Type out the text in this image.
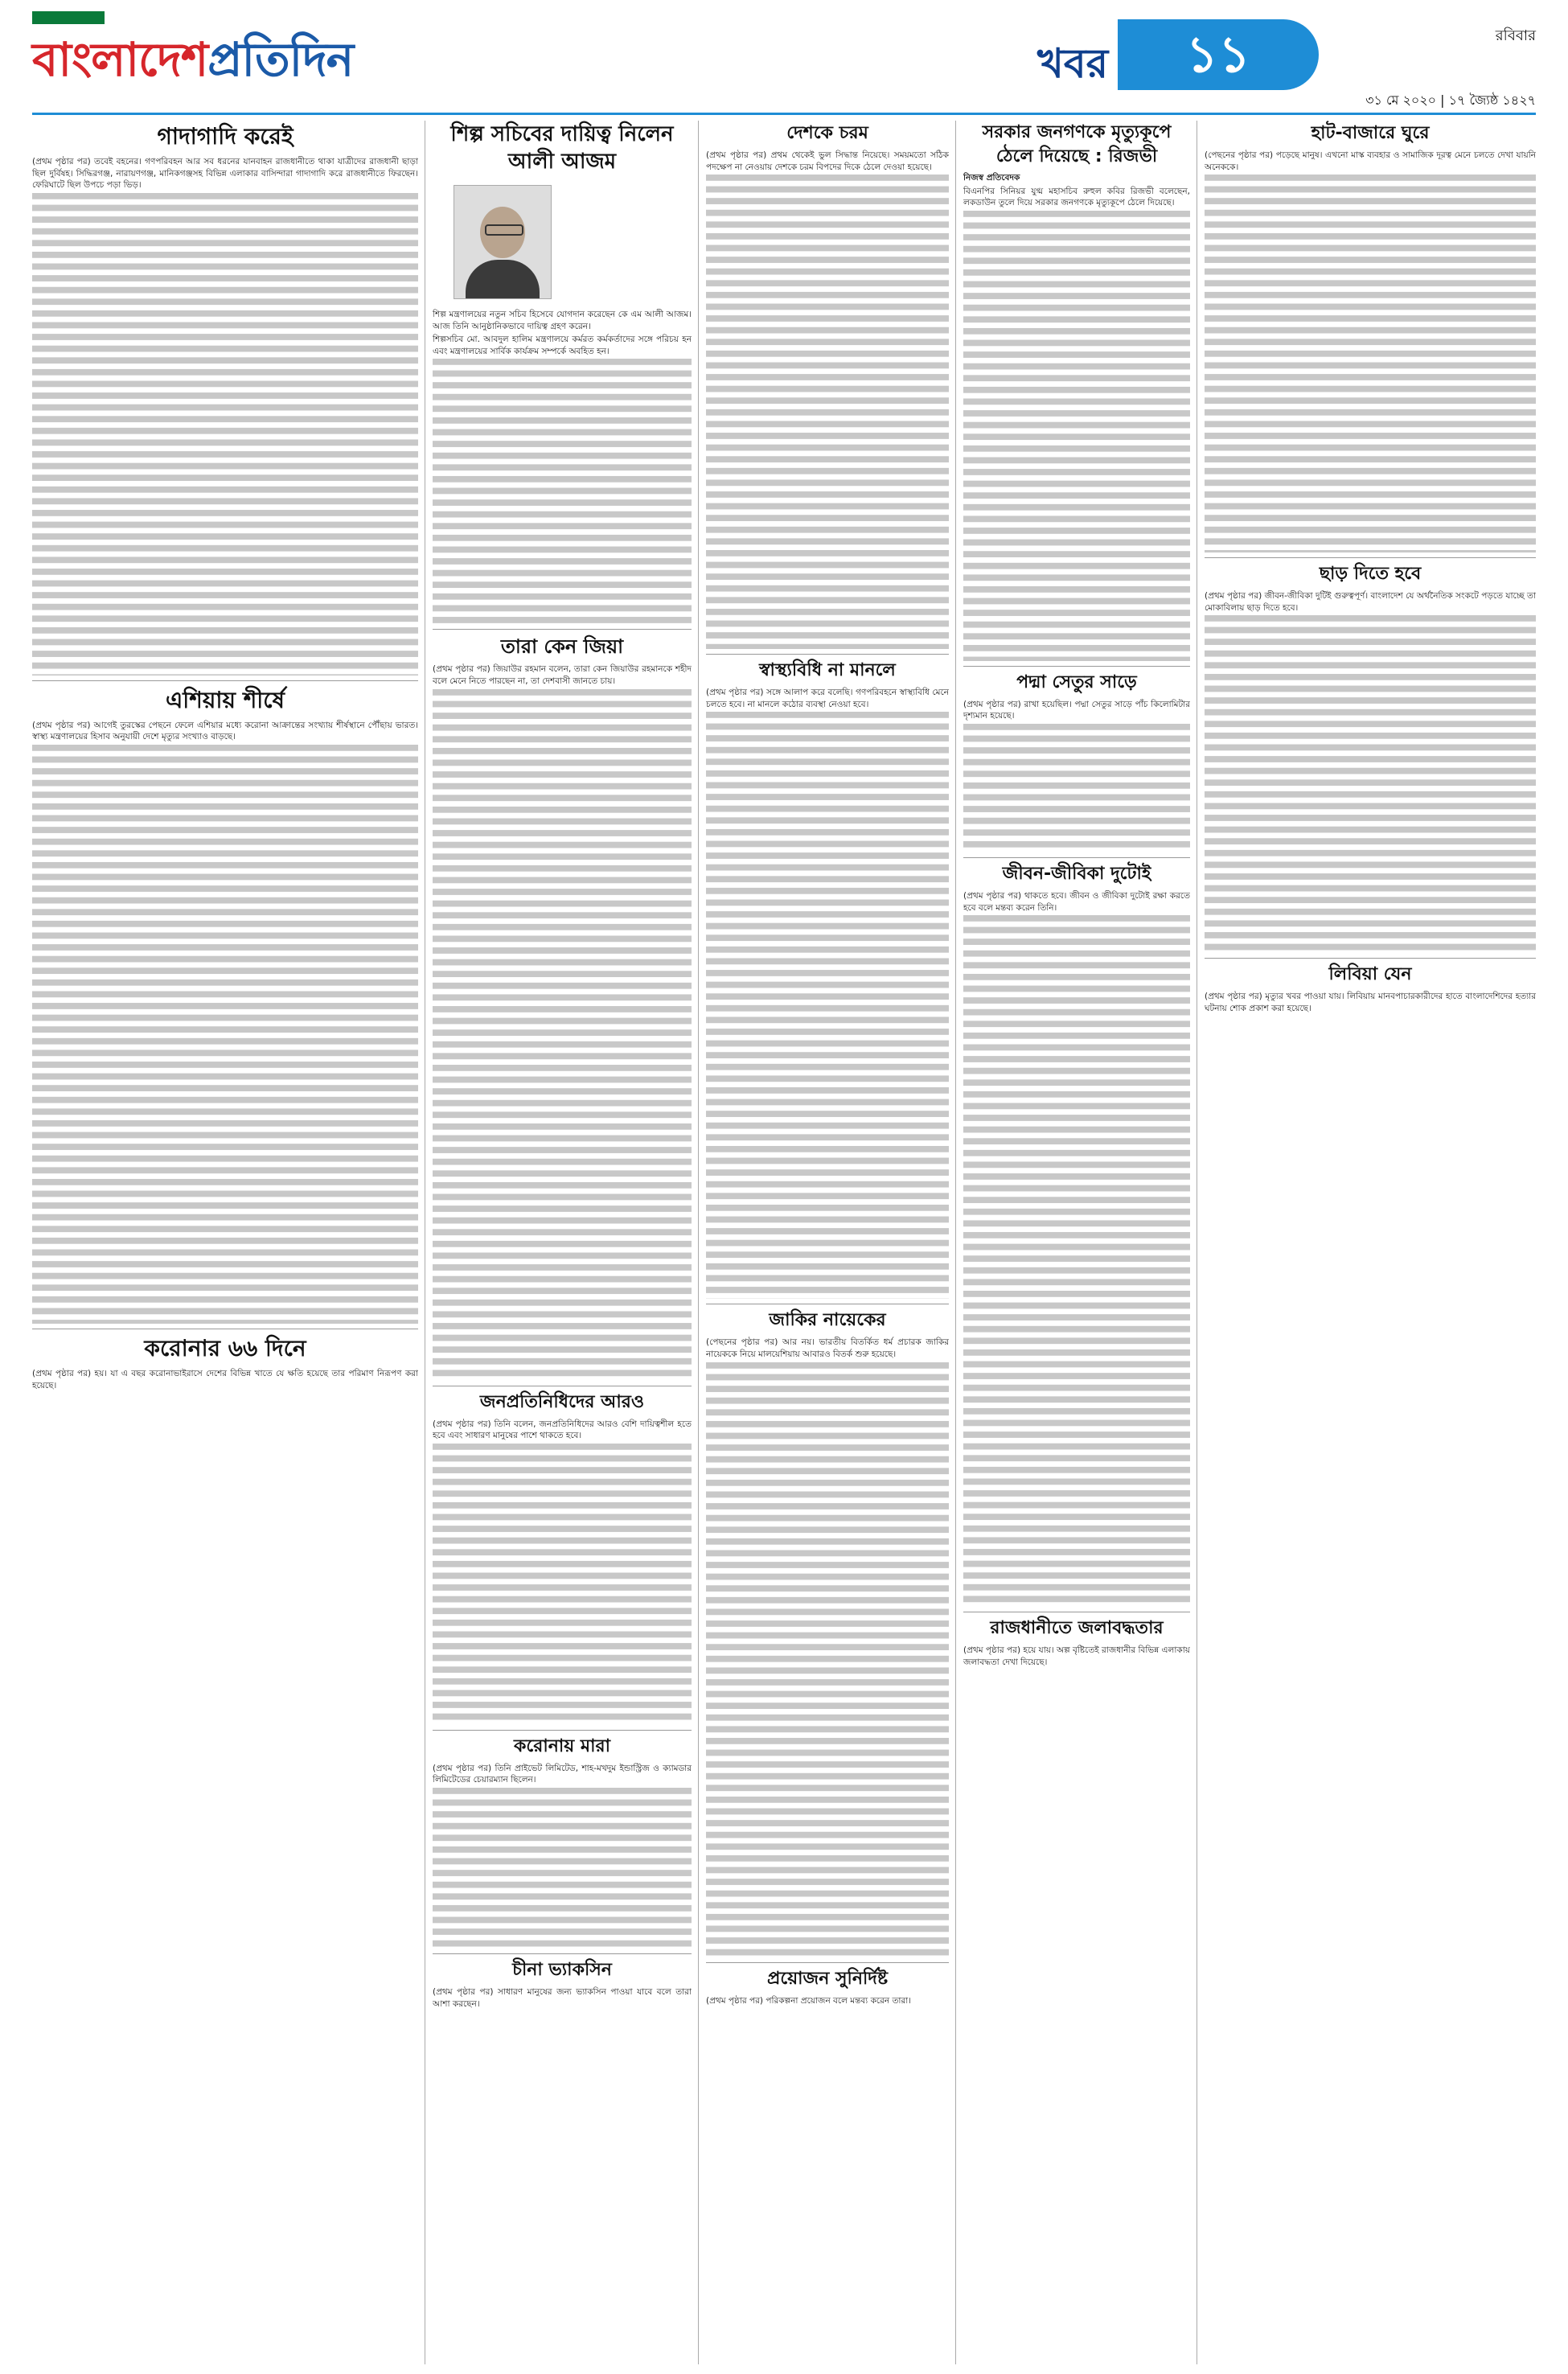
বাংলাদেশপ্রতিদিন	খবর	১১	রবিবার
৩১ মে ২০২০ | ১৭ জ্যৈষ্ঠ ১৪২৭
গাদাগাদি করেই

(প্রথম পৃষ্ঠার পর) তবেই বহনের। গণপরিবহন আর সব ধরনের যানবাহন রাজধানীতে থাকা যাত্রীদের রাজধানী ছাড়া ছিল দুর্বিষহ। সিদ্ধিরগঞ্জ, নারায়ণগঞ্জ, মানিকগঞ্জসহ বিভিন্ন এলাকার বাসিন্দারা গাদাগাদি করে রাজধানীতে ফিরছেন। ফেরিঘাটে ছিল উপচে পড়া ভিড়।

এশিয়ায় শীর্ষে

(প্রথম পৃষ্ঠার পর) আগেই তুরস্কের পেছনে ফেলে এশিয়ার মধ্যে করোনা আক্রান্তের সংখ্যায় শীর্ষস্থানে পৌঁছায় ভারত। স্বাস্থ্য মন্ত্রণালয়ের হিসাব অনুযায়ী দেশে মৃত্যুর সংখ্যাও বাড়ছে।

করোনার ৬৬ দিনে

(প্রথম পৃষ্ঠার পর) হয়। যা এ বছর করোনাভাইরাসে দেশের বিভিন্ন খাতে যে ক্ষতি হয়েছে তার পরিমাণ নিরূপণ করা হয়েছে।

শিল্প সচিবের দায়িত্ব নিলেন আলী আজম

শিল্প মন্ত্রণালয়ের নতুন সচিব হিসেবে যোগদান করেছেন কে এম আলী আজম। আজ তিনি আনুষ্ঠানিকভাবে দায়িত্ব গ্রহণ করেন।

শিল্পসচিব মো. আবদুল হালিম মন্ত্রণালয়ে কর্মরত কর্মকর্তাদের সঙ্গে পরিচয় হন এবং মন্ত্রণালয়ের সার্বিক কার্যক্রম সম্পর্কে অবহিত হন।

তারা কেন জিয়া

(প্রথম পৃষ্ঠার পর) জিয়াউর রহমান বলেন, তারা কেন জিয়াউর রহমানকে শহীদ বলে মেনে নিতে পারছেন না, তা দেশবাসী জানতে চায়।

জনপ্রতিনিধিদের আরও

(প্রথম পৃষ্ঠার পর) তিনি বলেন, জনপ্রতিনিধিদের আরও বেশি দায়িত্বশীল হতে হবে এবং সাধারণ মানুষের পাশে থাকতে হবে।

করোনায় মারা

(প্রথম পৃষ্ঠার পর) তিনি প্রাইভেট লিমিটেড, শাহ-মখদুম ইন্ডাস্ট্রিজ ও ক্যামডার লিমিটেডের চেয়ারম্যান ছিলেন।

চীনা ভ্যাকসিন

(প্রথম পৃষ্ঠার পর) সাধারণ মানুষের জন্য ভ্যাকসিন পাওয়া যাবে বলে তারা আশা করছেন।

দেশকে চরম

(প্রথম পৃষ্ঠার পর) প্রথম থেকেই ভুল সিদ্ধান্ত নিয়েছে। সময়মতো সঠিক পদক্ষেপ না নেওয়ায় দেশকে চরম বিপদের দিকে ঠেলে দেওয়া হয়েছে।

স্বাস্থ্যবিধি না মানলে

(প্রথম পৃষ্ঠার পর) সঙ্গে আলাপ করে বলেছি। গণপরিবহনে স্বাস্থ্যবিধি মেনে চলতে হবে। না মানলে কঠোর ব্যবস্থা নেওয়া হবে।

জাকির নায়েকের

(পেছনের পৃষ্ঠার পর) আর নয়। ভারতীয় বিতর্কিত ধর্ম প্রচারক জাকির নায়েককে নিয়ে মালয়েশিয়ায় আবারও বিতর্ক শুরু হয়েছে।

প্রয়োজন সুনির্দিষ্ট

(প্রথম পৃষ্ঠার পর) পরিকল্পনা প্রয়োজন বলে মন্তব্য করেন তারা।

সরকার জনগণকে মৃত্যুকূপে ঠেলে দিয়েছে : রিজভী

নিজস্ব প্রতিবেদক

বিএনপির সিনিয়র যুগ্ম মহাসচিব রুহুল কবির রিজভী বলেছেন, লকডাউন তুলে দিয়ে সরকার জনগণকে মৃত্যুকূপে ঠেলে দিয়েছে।

পদ্মা সেতুর সাড়ে

(প্রথম পৃষ্ঠার পর) রাখা হয়েছিল। পদ্মা সেতুর সাড়ে পাঁচ কিলোমিটার দৃশ্যমান হয়েছে।

জীবন-জীবিকা দুটোই

(প্রথম পৃষ্ঠার পর) থাকতে হবে। জীবন ও জীবিকা দুটোই রক্ষা করতে হবে বলে মন্তব্য করেন তিনি।

রাজধানীতে জলাবদ্ধতার

(প্রথম পৃষ্ঠার পর) হয়ে যায়। অল্প বৃষ্টিতেই রাজধানীর বিভিন্ন এলাকায় জলাবদ্ধতা দেখা দিয়েছে।

হাট-বাজারে ঘুরে

(পেছনের পৃষ্ঠার পর) পড়েছে মানুষ। এখনো মাস্ক ব্যবহার ও সামাজিক দূরত্ব মেনে চলতে দেখা যায়নি অনেককে।

ছাড় দিতে হবে

(প্রথম পৃষ্ঠার পর) জীবন-জীবিকা দুটিই গুরুত্বপূর্ণ। বাংলাদেশ যে অর্থনৈতিক সংকটে পড়তে যাচ্ছে তা মোকাবিলায় ছাড় দিতে হবে।

লিবিয়া যেন

(প্রথম পৃষ্ঠার পর) মৃত্যুর খবর পাওয়া যায়। লিবিয়ায় মানবপাচারকারীদের হাতে বাংলাদেশিদের হত্যার ঘটনায় শোক প্রকাশ করা হয়েছে।
